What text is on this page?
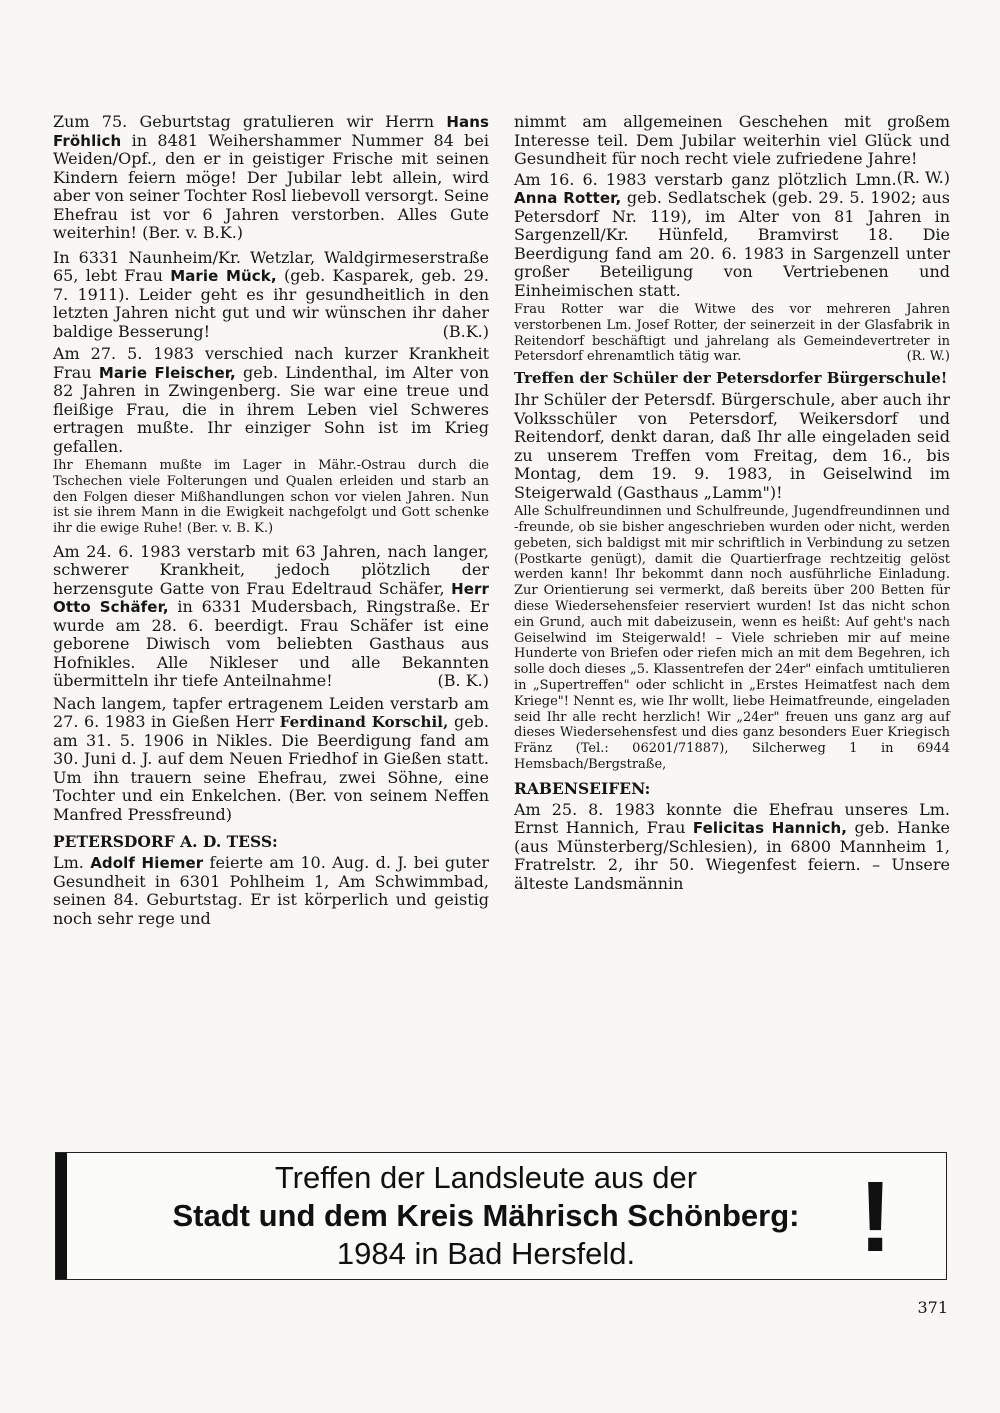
Zum 75. Geburtstag gratulieren wir Herrn Hans Fröhlich in 8481 Weihershammer Nummer 84 bei Weiden/Opf., den er in geistiger Frische mit seinen Kindern feiern möge! Der Jubilar lebt allein, wird aber von seiner Tochter Rosl liebevoll versorgt. Seine Ehefrau ist vor 6 Jahren verstorben. Alles Gute weiterhin! (Ber. v. B.K.)

In 6331 Naunheim/Kr. Wetzlar, Waldgirmeserstraße 65, lebt Frau Marie Mück, (geb. Kasparek, geb. 29. 7. 1911). Leider geht es ihr gesundheitlich in den letzten Jahren nicht gut und wir wünschen ihr daher baldige Besserung!	(B.K.)

Am 27. 5. 1983 verschied nach kurzer Krankheit Frau Marie Fleischer, geb. Lindenthal, im Alter von 82 Jahren in Zwingenberg. Sie war eine treue und fleißige Frau, die in ihrem Leben viel Schweres ertragen mußte. Ihr einziger Sohn ist im Krieg gefallen.

Ihr Ehemann mußte im Lager in Mähr.-Ostrau durch die Tschechen viele Folterungen und Qualen erleiden und starb an den Folgen dieser Mißhandlungen schon vor vielen Jahren. Nun ist sie ihrem Mann in die Ewigkeit nachgefolgt und Gott schenke ihr die ewige Ruhe! (Ber. v. B. K.)

Am 24. 6. 1983 verstarb mit 63 Jahren, nach langer, schwerer Krankheit, jedoch plötzlich der herzensgute Gatte von Frau Edeltraud Schäfer, Herr Otto Schäfer, in 6331 Mudersbach, Ringstraße. Er wurde am 28. 6. beerdigt. Frau Schäfer ist eine geborene Diwisch vom beliebten Gasthaus aus Hofnikles. Alle Nikleser und alle Bekannten übermitteln ihr tiefe Anteilnahme!	(B. K.)

Nach langem, tapfer ertragenem Leiden verstarb am 27. 6. 1983 in Gießen Herr Ferdinand Korschil, geb. am 31. 5. 1906 in Nikles. Die Beerdigung fand am 30. Juni d. J. auf dem Neuen Friedhof in Gießen statt. Um ihn trauern seine Ehefrau, zwei Söhne, eine Tochter und ein Enkelchen. (Ber. von seinem Neffen Manfred Pressfreund)

PETERSDORF A. D. TESS:

Lm. Adolf Hiemer feierte am 10. Aug. d. J. bei guter Gesundheit in 6301 Pohlheim 1, Am Schwimmbad, seinen 84. Geburtstag. Er ist körperlich und geistig noch sehr rege und

nimmt am allgemeinen Geschehen mit großem Interesse teil. Dem Jubilar weiterhin viel Glück und Gesundheit für noch recht viele zufriedene Jahre!
(R. W.)

Am 16. 6. 1983 verstarb ganz plötzlich Lmn. Anna Rotter, geb. Sedlatschek (geb. 29. 5. 1902; aus Petersdorf Nr. 119), im Alter von 81 Jahren in Sargenzell/Kr. Hünfeld, Bramvirst 18. Die Beerdigung fand am 20. 6. 1983 in Sargenzell unter großer Beteiligung von Vertriebenen und Einheimischen statt.

Frau Rotter war die Witwe des vor mehreren Jahren verstorbenen Lm. Josef Rotter, der seinerzeit in der Glasfabrik in Reitendorf beschäftigt und jahrelang als Gemeindevertreter in Petersdorf ehrenamtlich tätig war.	(R. W.)

Treffen der Schüler der Petersdorfer Bürgerschule!

Ihr Schüler der Petersdf. Bürgerschule, aber auch ihr Volksschüler von Petersdorf, Weikersdorf und Reitendorf, denkt daran, daß Ihr alle eingeladen seid zu unserem Treffen vom Freitag, dem 16., bis Montag, dem 19. 9. 1983, in Geiselwind im Steigerwald (Gasthaus „Lamm")!

Alle Schulfreundinnen und Schulfreunde, Jugendfreundinnen und -freunde, ob sie bisher angeschrieben wurden oder nicht, werden gebeten, sich baldigst mit mir schriftlich in Verbindung zu setzen (Postkarte genügt), damit die Quartierfrage rechtzeitig gelöst werden kann! Ihr bekommt dann noch ausführliche Einladung. Zur Orientierung sei vermerkt, daß bereits über 200 Betten für diese Wiedersehensfeier reserviert wurden! Ist das nicht schon ein Grund, auch mit dabeizusein, wenn es heißt: Auf geht's nach Geiselwind im Steigerwald! – Viele schrieben mir auf meine Hunderte von Briefen oder riefen mich an mit dem Begehren, ich solle doch dieses „5. Klassentrefen der 24er" einfach umtitulieren in „Supertreffen" oder schlicht in „Erstes Heimatfest nach dem Kriege"! Nennt es, wie Ihr wollt, liebe Heimatfreunde, eingeladen seid Ihr alle recht herzlich! Wir „24er" freuen uns ganz arg auf dieses Wiedersehensfest und dies ganz besonders Euer Kriegisch Fränz (Tel.: 06201/71887), Silcherweg 1 in 6944 Hemsbach/Bergstraße,

RABENSEIFEN:

Am 25. 8. 1983 konnte die Ehefrau unseres Lm. Ernst Hannich, Frau Felicitas Hannich, geb. Hanke (aus Münsterberg/Schlesien), in 6800 Mannheim 1, Fratrelstr. 2, ihr 50. Wiegenfest feiern. – Unsere älteste Landsmännin

Treffen der Landsleute aus der
Stadt und dem Kreis Mährisch Schönberg:
1984 in Bad Hersfeld.	!
371
